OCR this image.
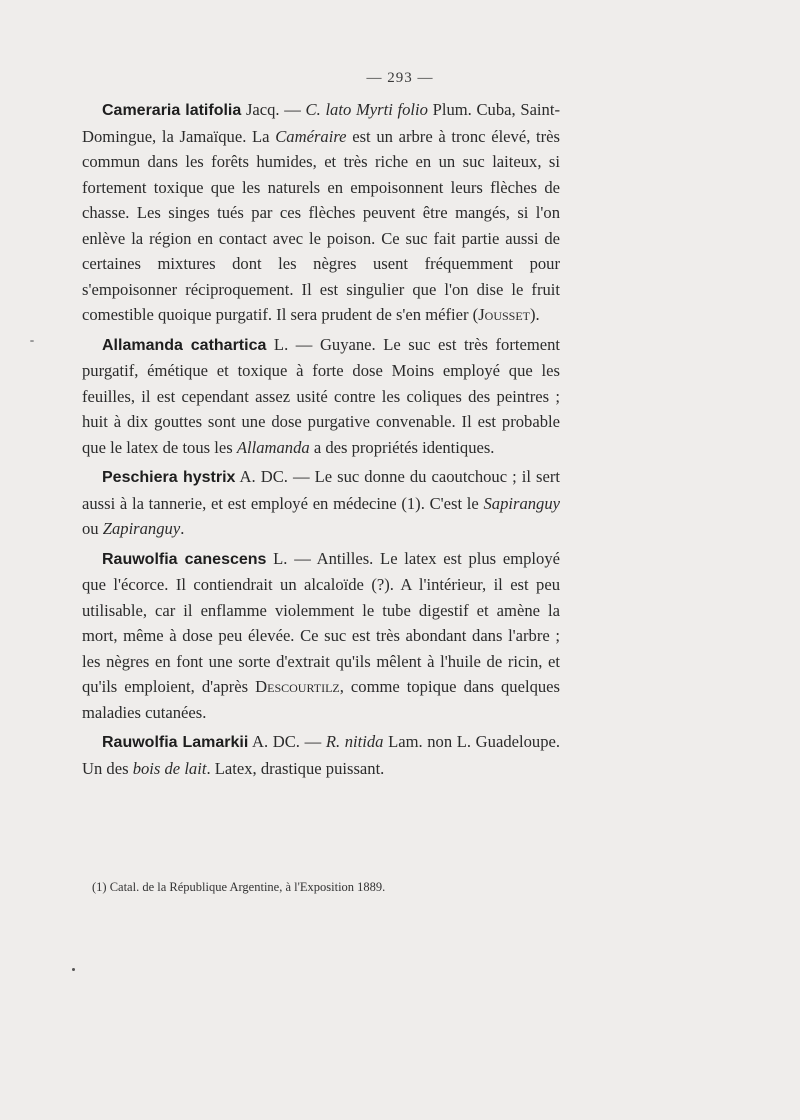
— 293 —

Cameraria latifolia Jacq. — C. lato Myrti folio Plum. Cuba, Saint-Domingue, la Jamaïque. La Caméraire est un arbre à tronc élevé, très commun dans les forêts humides, et très riche en un suc laiteux, si fortement toxique que les naturels en empoisonnent leurs flèches de chasse. Les singes tués par ces flèches peuvent être mangés, si l'on enlève la région en contact avec le poison. Ce suc fait partie aussi de certaines mixtures dont les nègres usent fréquemment pour s'empoisonner réciproquement. Il est singulier que l'on dise le fruit comestible quoique purgatif. Il sera prudent de s'en méfier (Jousset).

Allamanda cathartica L. — Guyane. Le suc est très fortement purgatif, émétique et toxique à forte dose Moins employé que les feuilles, il est cependant assez usité contre les coliques des peintres ; huit à dix gouttes sont une dose purgative convenable. Il est probable que le latex de tous les Allamanda a des propriétés identiques.

Peschiera hystrix A. DC. — Le suc donne du caoutchouc ; il sert aussi à la tannerie, et est employé en médecine (1). C'est le Sapiranguy ou Zapiranguy.

Rauwolfia canescens L. — Antilles. Le latex est plus employé que l'écorce. Il contiendrait un alcaloïde (?). A l'intérieur, il est peu utilisable, car il enflamme violemment le tube digestif et amène la mort, même à dose peu élevée. Ce suc est très abondant dans l'arbre ; les nègres en font une sorte d'extrait qu'ils mêlent à l'huile de ricin, et qu'ils emploient, d'après Descourtilz, comme topique dans quelques maladies cutanées.

Rauwolfia Lamarkii A. DC. — R. nitida Lam. non L. Guadeloupe. Un des bois de lait. Latex, drastique puissant.

(1) Catal. de la République Argentine, à l'Exposition 1889.
